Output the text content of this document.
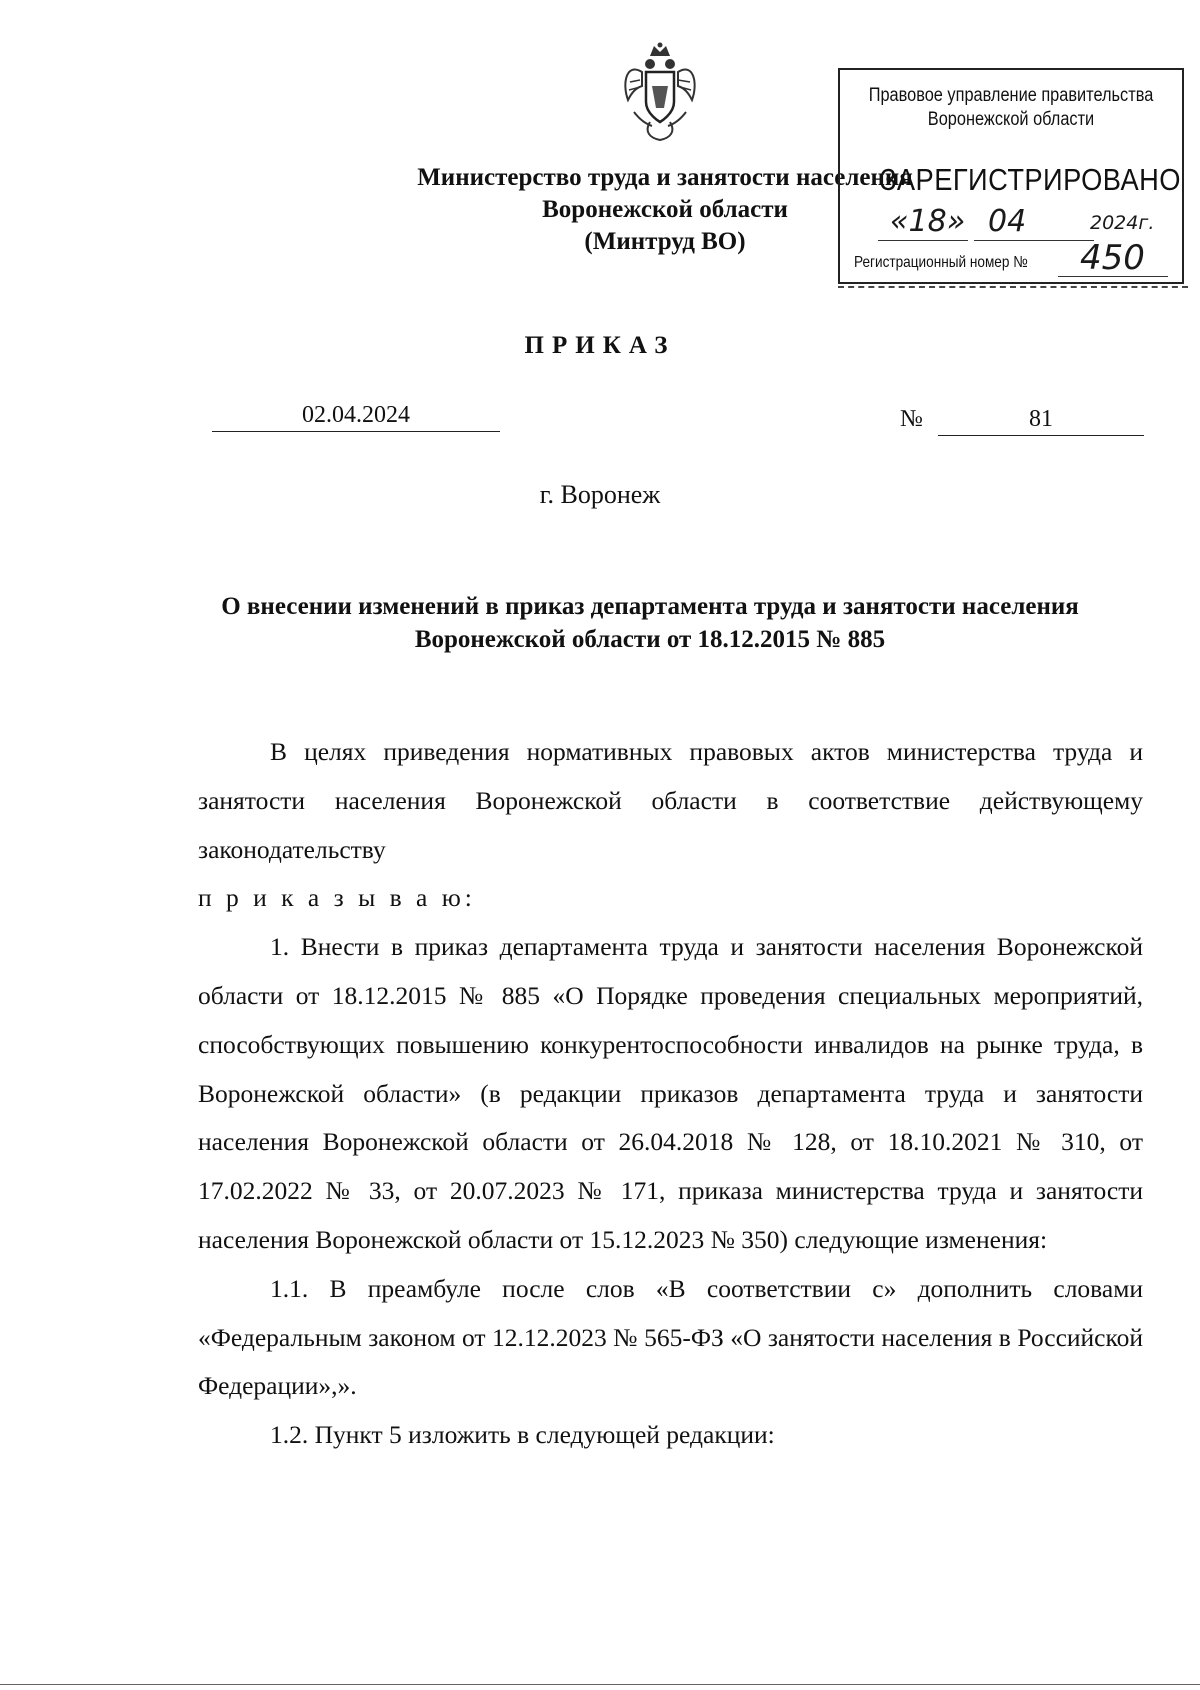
Министерство труда и занятости населения
Воронежской области
(Минтруд ВО)
Правовое управление правительства
Воронежской области
ЗАРЕГИСТРИРОВАНО
«18» 04	2024г.
Регистрационный номер № 450
ПРИКАЗ
02.04.2024	№	81
г. Воронеж
О внесении изменений в приказ департамента труда и занятости населения Воронежской области от 18.12.2015 № 885

В целях приведения нормативных правовых актов министерства труда и занятости населения Воронежской области в соответствие действующему законодательству

п р и к а з ы в а ю:

1. Внести в приказ департамента труда и занятости населения Воронежской области от 18.12.2015 № 885 «О Порядке проведения специальных мероприятий, способствующих повышению конкурентоспособности инвалидов на рынке труда, в Воронежской области» (в редакции приказов департамента труда и занятости населения Воронежской области от 26.04.2018 № 128, от 18.10.2021 № 310, от 17.02.2022 № 33, от 20.07.2023 № 171, приказа министерства труда и занятости населения Воронежской области от 15.12.2023 № 350) следующие изменения:

1.1. В преамбуле после слов «В соответствии с» дополнить словами «Федеральным законом от 12.12.2023 № 565-ФЗ «О занятости населения в Российской Федерации»,».

1.2. Пункт 5 изложить в следующей редакции:
